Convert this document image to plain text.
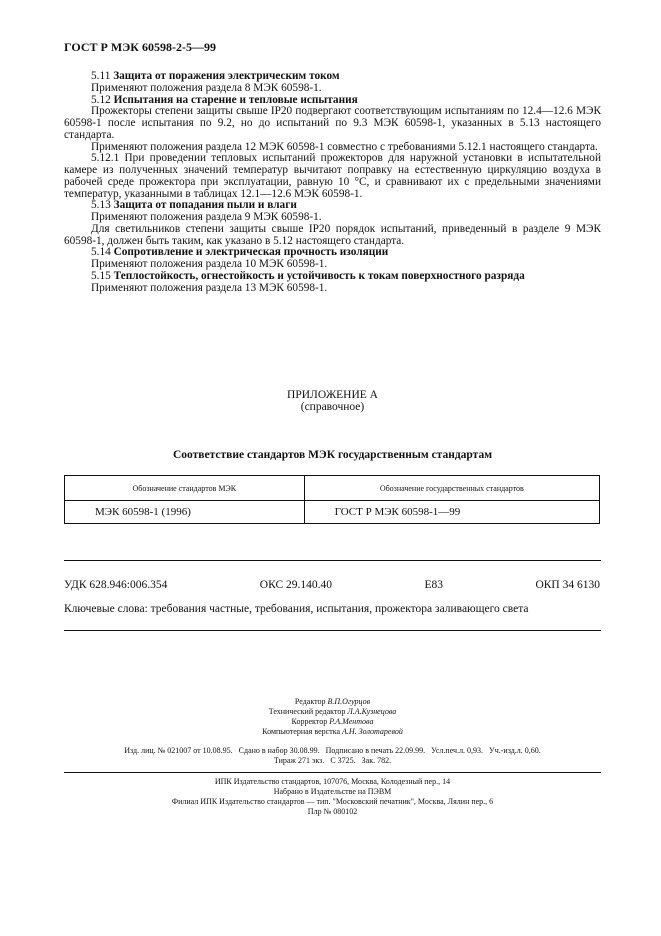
ГОСТ Р МЭК 60598-2-5—99

5.11 Защита от поражения электрическим током

Применяют положения раздела 8 МЭК 60598-1.

5.12 Испытания на старение и тепловые испытания

Прожекторы степени защиты свыше IP20 подвергают соответствующим испытаниям по 12.4—12.6 МЭК 60598-1 после испытания по 9.2, но до испытаний по 9.3 МЭК 60598-1, указанных в 5.13 настоящего стандарта.

Применяют положения раздела 12 МЭК 60598-1 совместно с требованиями 5.12.1 настоящего стандарта.

5.12.1 При проведении тепловых испытаний прожекторов для наружной установки в испытательной камере из полученных значений температур вычитают поправку на естественную циркуляцию воздуха в рабочей среде прожектора при эксплуатации, равную 10 °С, и сравнивают их с предельными значениями температур, указанными в таблицах 12.1—12.6 МЭК 60598-1.

5.13 Защита от попадания пыли и влаги

Применяют положения раздела 9 МЭК 60598-1.

Для светильников степени защиты свыше IP20 порядок испытаний, приведенный в разделе 9 МЭК 60598-1, должен быть таким, как указано в 5.12 настоящего стандарта.

5.14 Сопротивление и электрическая прочность изоляции

Применяют положения раздела 10 МЭК 60598-1.

5.15 Теплостойкость, огнестойкость и устойчивость к токам поверхностного разряда

Применяют положения раздела 13 МЭК 60598-1.

ПРИЛОЖЕНИЕ А
(справочное)
Соответствие стандартов МЭК государственным стандартам
Обозначение стандартов МЭК	Обозначение государственных стандартов
МЭК 60598-1 (1996)	ГОСТ Р МЭК 60598-1—99
УДК 628.946:006.354	ОКС 29.140.40	Е83	ОКП 34 6130
Ключевые слова: требования частные, требования, испытания, прожектора заливающего света
Редактор В.П.Огурцов
Технический редактор Л.А.Кузнецова
Корректор Р.А.Ментова
Компьютерная верстка А.Н. Золотаревой
Изд. лиц. № 021007 от 10.08.95.   Сдано в набор 30.08.99.   Подписано в печать 22.09.99.   Усл.печ.л. 0,93.   Уч.-изд.л. 0,60.
Тираж 271 экз.   С 3725.   Зак. 782.
ИПК Издательство стандартов, 107076, Москва, Колодезный пер., 14
Набрано в Издательстве на ПЭВМ
Филиал ИПК Издательство стандартов — тип. "Московский печатник", Москва, Лялин пер., 6
Плр № 080102
